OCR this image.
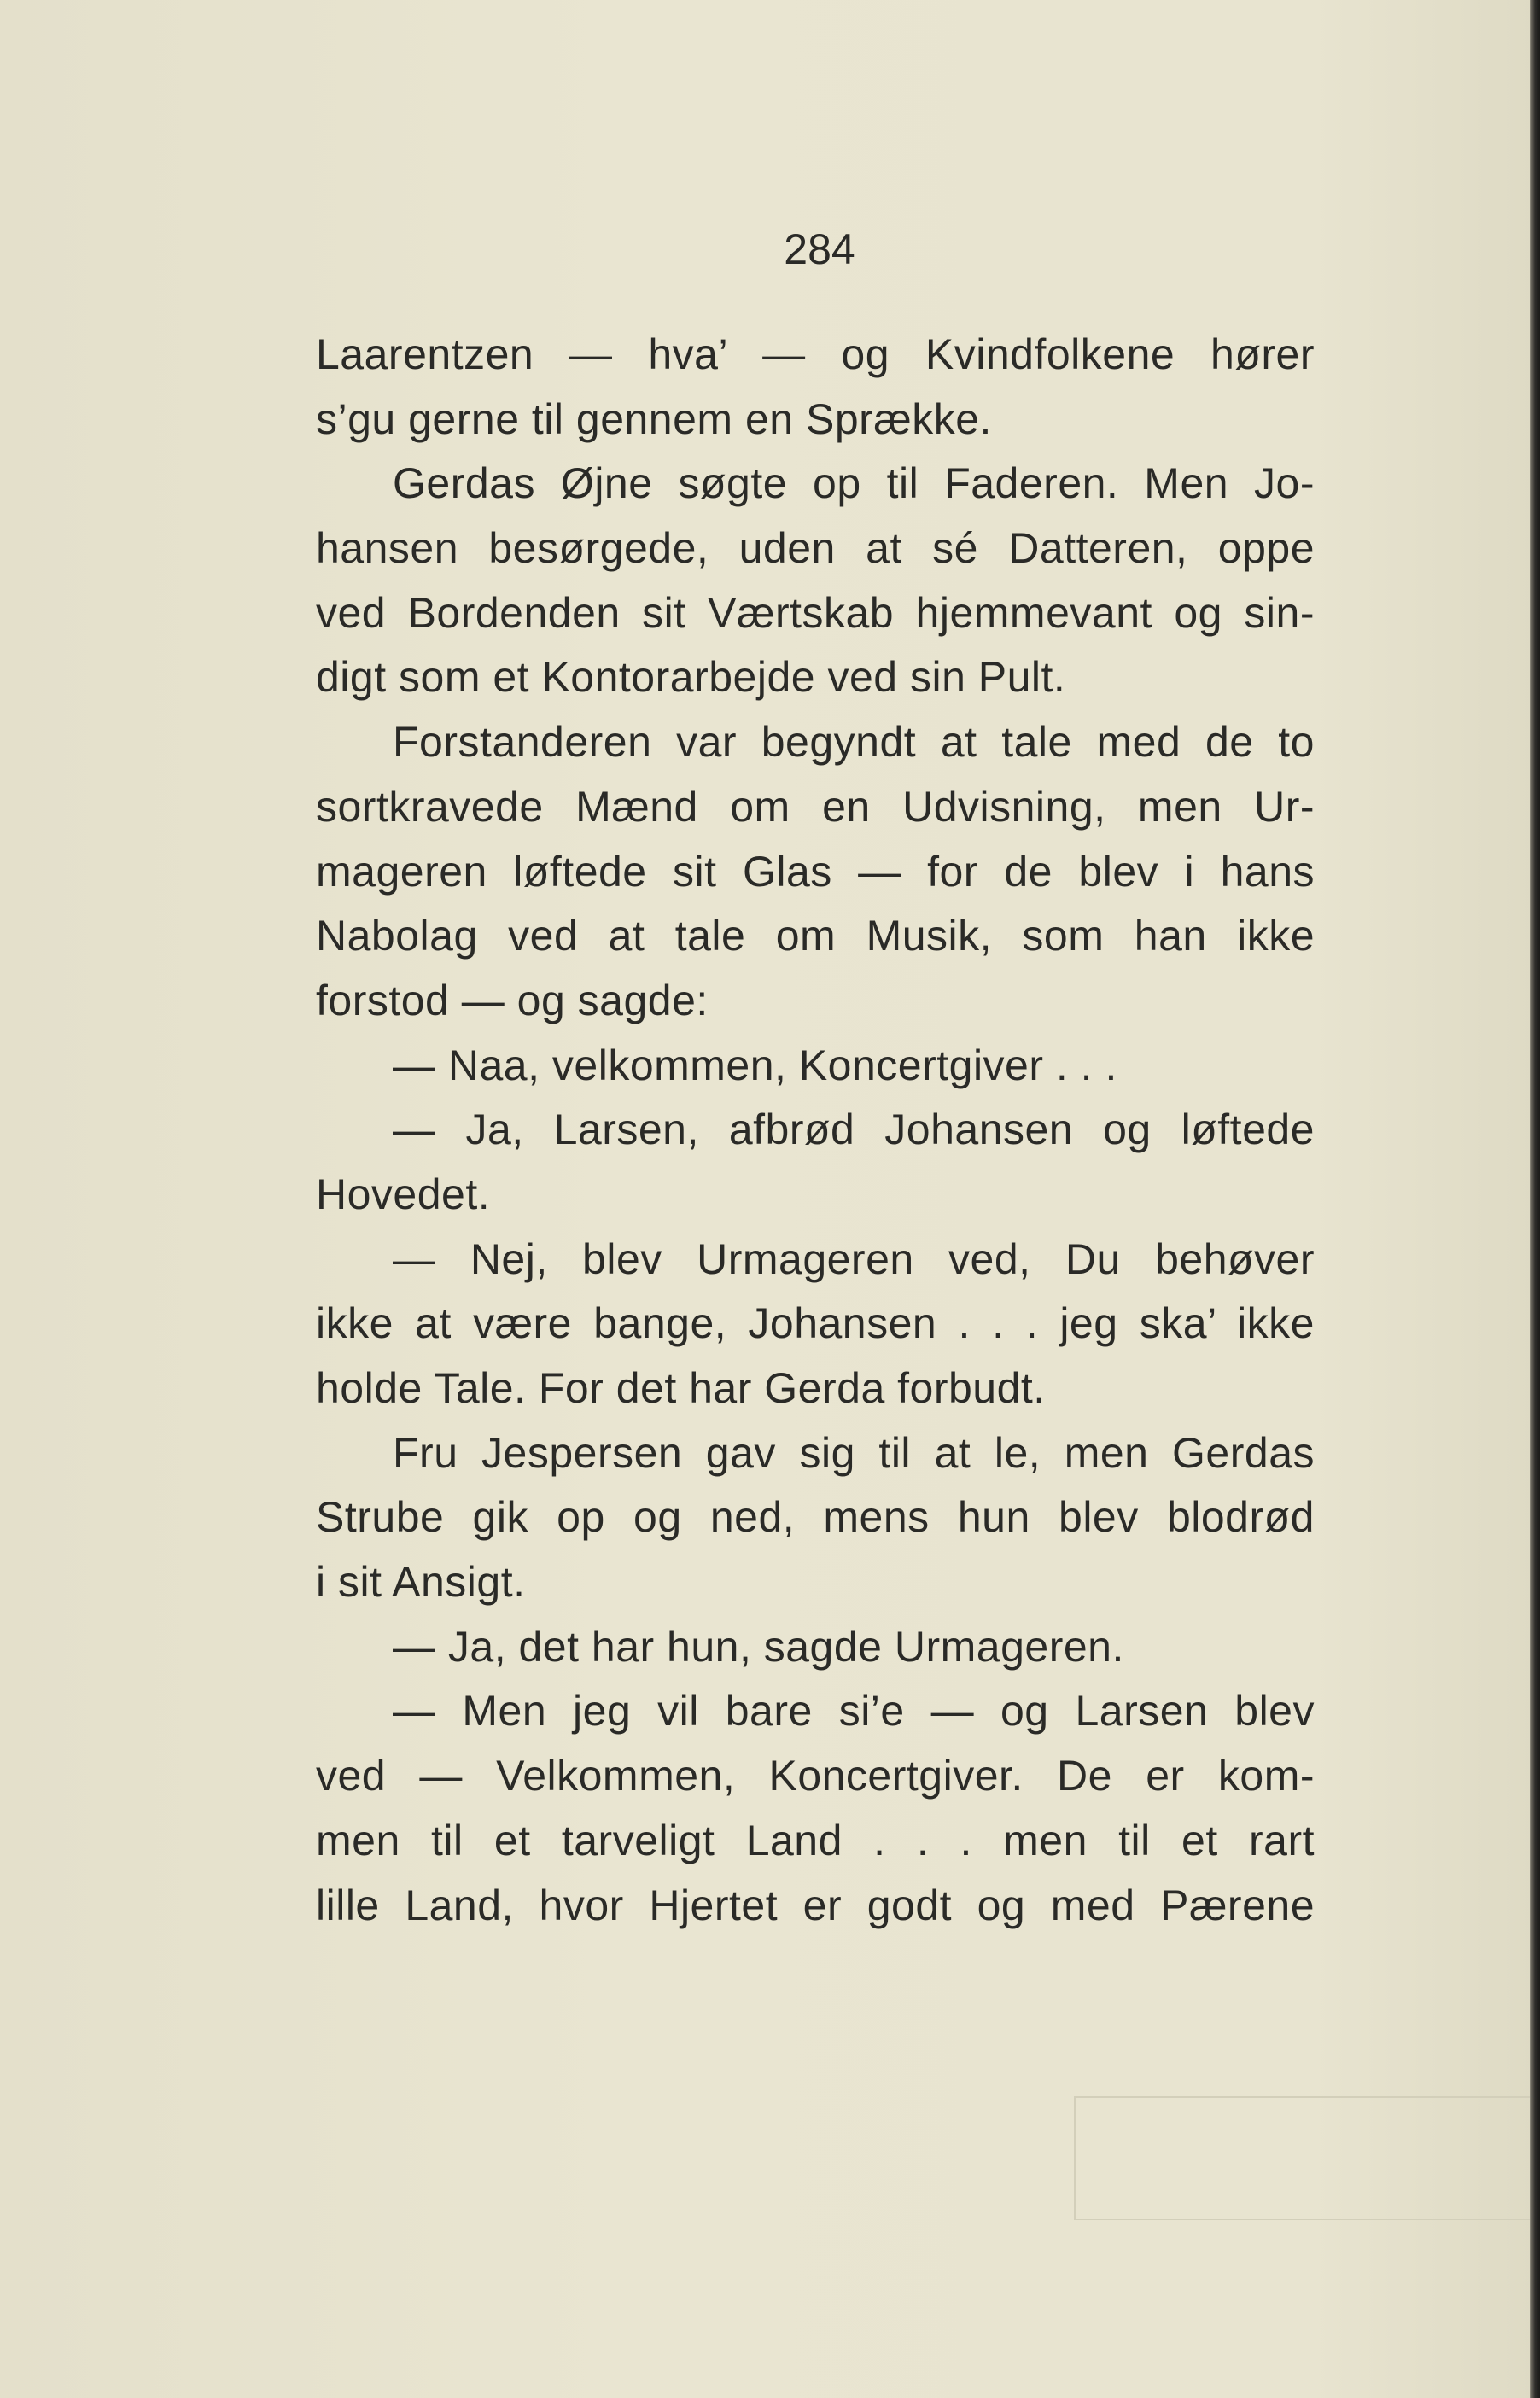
284
Laarentzen — hva’ — og Kvindfolkene hører
s’gu gerne til gennem en Sprække.
Gerdas Øjne søgte op til Faderen. Men Jo-
hansen besørgede, uden at sé Datteren, oppe
ved Bordenden sit Værtskab hjemmevant og sin-
digt som et Kontorarbejde ved sin Pult.
Forstanderen var begyndt at tale med de to
sortkravede Mænd om en Udvisning, men Ur-
mageren løftede sit Glas — for de blev i hans
Nabolag ved at tale om Musik, som han ikke
forstod — og sagde:
— Naa, velkommen, Koncertgiver . . .
— Ja, Larsen, afbrød Johansen og løftede
Hovedet.
— Nej, blev Urmageren ved, Du behøver
ikke at være bange, Johansen . . . jeg ska’ ikke
holde Tale. For det har Gerda forbudt.
Fru Jespersen gav sig til at le, men Gerdas
Strube gik op og ned, mens hun blev blodrød
i sit Ansigt.
— Ja, det har hun, sagde Urmageren.
— Men jeg vil bare si’e — og Larsen blev
ved — Velkommen, Koncertgiver. De er kom-
men til et tarveligt Land . . . men til et rart
lille Land, hvor Hjertet er godt og med Pærene
